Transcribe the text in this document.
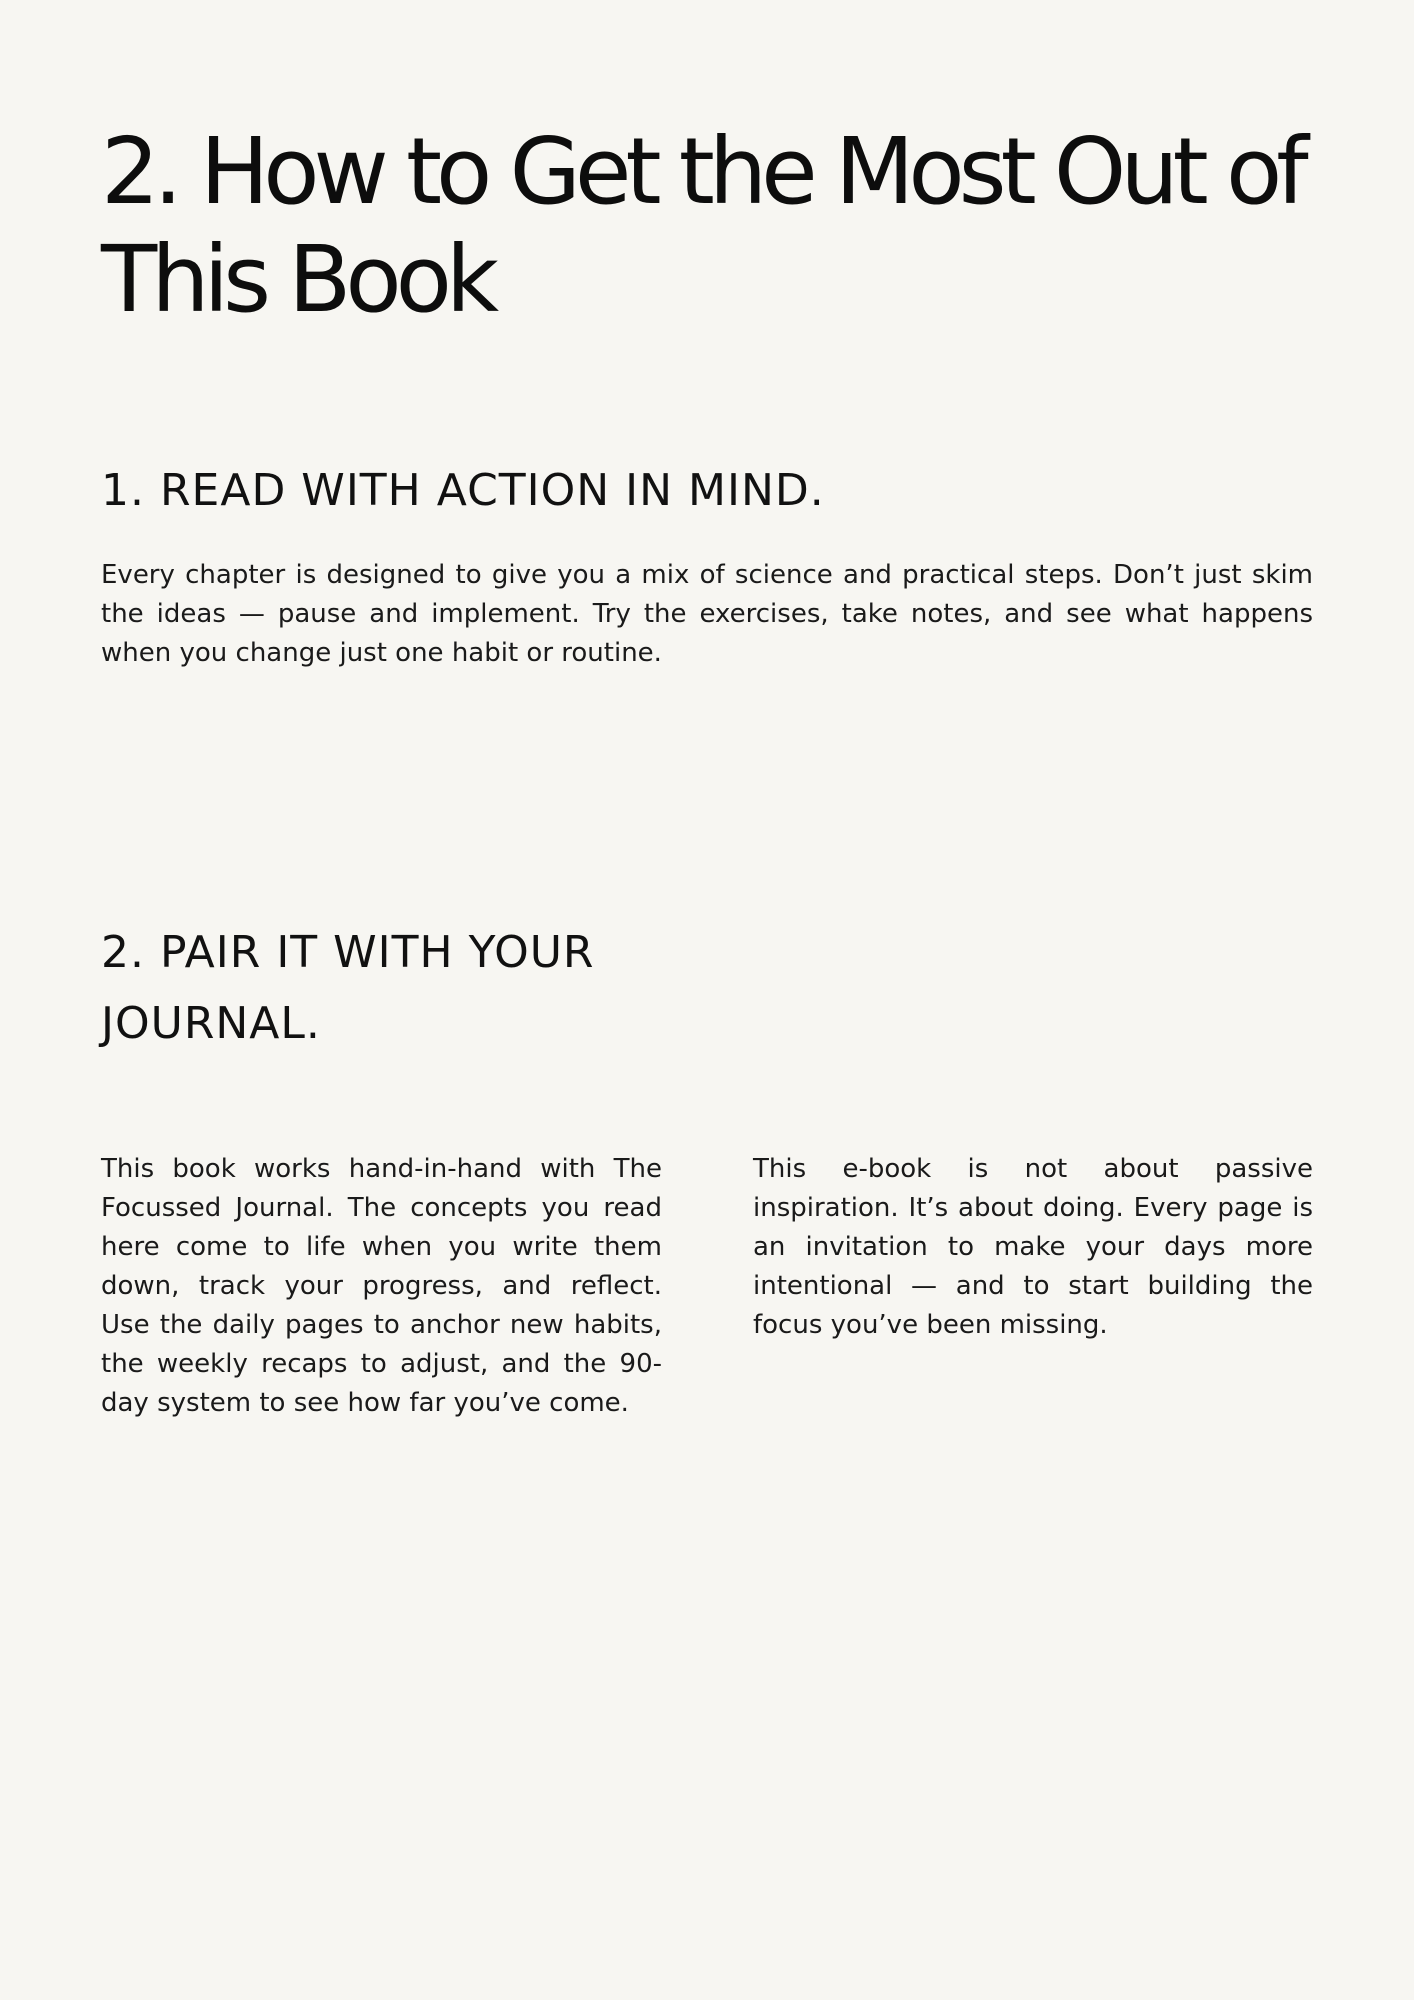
2. How to Get the Most Out of This Book
1. READ WITH ACTION IN MIND.

Every chapter is designed to give you a mix of science and practical steps. Don’t just skim the ideas — pause and implement. Try the exercises, take notes, and see what happens when you change just one habit or routine.

2. PAIR IT WITH YOUR JOURNAL.

This book works hand-in-hand with The Focussed Journal. The concepts you read here come to life when you write them down, track your progress, and reflect. Use the daily pages to anchor new habits, the weekly recaps to adjust, and the 90-day system to see how far you’ve come.

This e-book is not about passive inspiration. It’s about doing. Every page is an invitation to make your days more intentional — and to start building the focus you’ve been missing.
